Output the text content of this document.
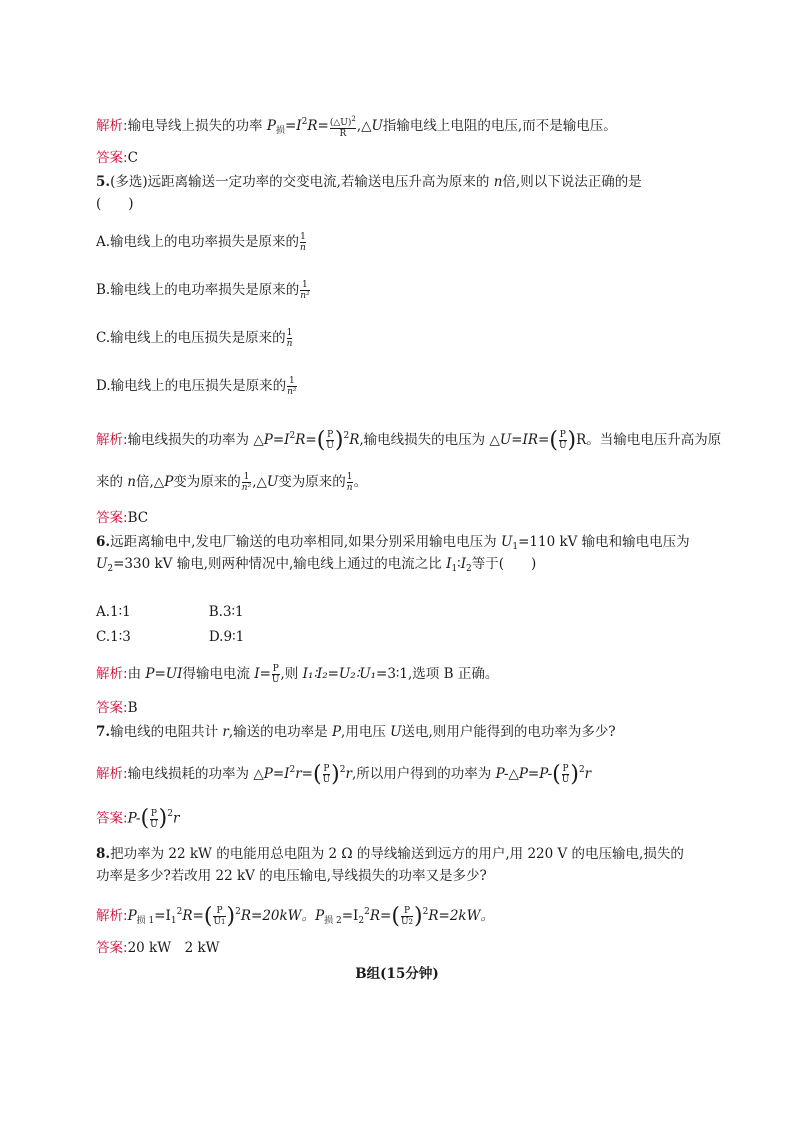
解析:输电导线上损失的功率 $P_损=I^2R= \frac{(\triangle U)^2}{R}$ ,△U指输电线上电阻的电压,而不是输电压。
答案:C
5.(多选)远距离输送一定功率的交变电流,若输送电压升高为原来的 n倍,则以下说法正确的是
(　　)
A.输电线上的电功率损失是原来的 $\frac{1}{n}$
B.输电线上的电功率损失是原来的 $\frac{1}{\text{n²}}$
C.输电线上的电压损失是原来的 $\frac{1}{n}$
D.输电线上的电压损失是原来的 $\frac{1}{\text{n²}}$
解析:输电线损失的功率为 $\triangle P=I^2R=$ ( $\frac{P}{U}$ ) 2 R,输电线损失的电压为 △U=IR= ( $\frac{P}{U}$ ) R。当输电电压升高为原
来的 n倍,△P变为原来的 $\frac{1}{\text{n²}}$ ,△U变为原来的 $\frac{1}{n}$ 。
答案:BC
6.远距离输电中,发电厂输送的电功率相同,如果分别采用输电电压为 $U_1=110$ kV 输电和输电电压为
$U_2=330$ kV 输电,则两种情况中,输电线上通过的电流之比 $I_1∶I_2$等于(　　)
A.1∶1	B.3∶1
C.1∶3	D.9∶1
解析:由 P=UI得输电电流 $I= \frac{P}{U}$ ,则 I₁∶I₂=U₂∶U₁=3∶1,选项 B 正确。
答案:B
7.输电线的电阻共计 r,输送的电功率是 P,用电压 U送电,则用户能得到的电功率为多少?
解析:输电线损耗的功率为 $\triangle P=I^2r=$ ( $\frac{P}{U}$ ) 2 r,所以用户得到的功率为 P-△P=P- ( $\frac{P}{U}$ ) 2 r
答案:P- ( $\frac{P}{U}$ ) 2 r
8.把功率为 22 kW 的电能用总电阻为 2 Ω 的导线输送到远方的用户,用 220 V 的电压输电,损失的
功率是多少?若改用 22 kV 的电压输电,导线损失的功率又是多少?
解析$:P_{损 1}=I_1^2R=$ ( $\frac{P}{U1}$ ) 2 R=20kW。$P_{损 2}=I_2^2R=$ ( $\frac{P}{U2}$ ) 2 R=2kW。
答案:20 kW　2 kW
B组(15分钟)
